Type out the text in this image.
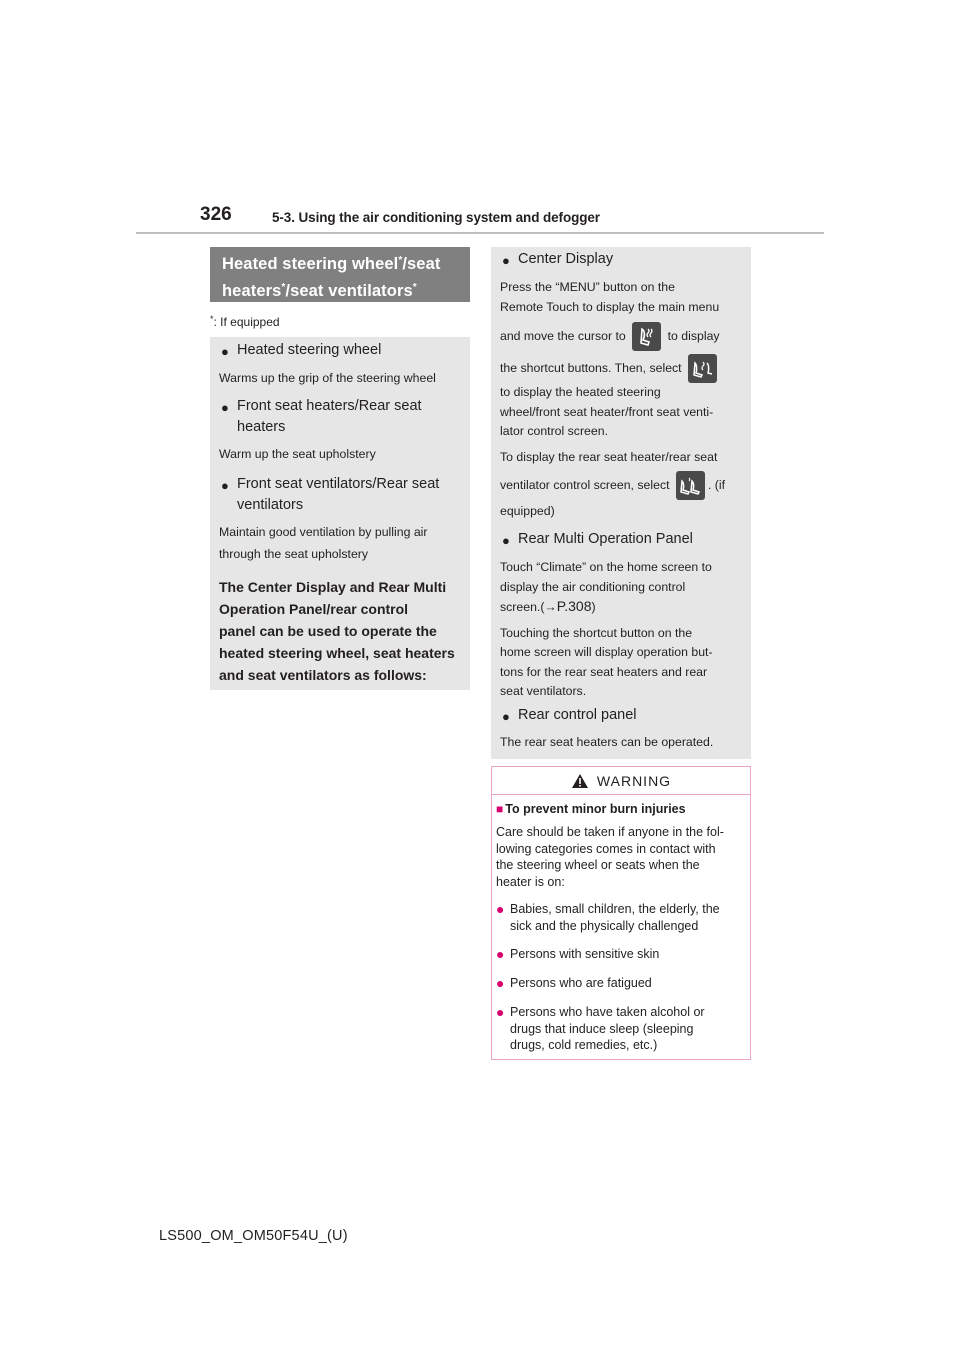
326	5-3. Using the air conditioning system and defogger
Heated steering wheel*/seat
heaters*/seat ventilators*
*: If equipped
● Heated steering wheel
Warms up the grip of the steering wheel
● Front seat heaters/Rear seat
heaters
Warm up the seat upholstery
● Front seat ventilators/Rear seat
ventilators
Maintain good ventilation by pulling air
through the seat upholstery
The Center Display and Rear Multi
Operation Panel/rear control
panel can be used to operate the
heated steering wheel, seat heaters
and seat ventilators as follows:
● Center Display
Press the “MENU” button on the
Remote Touch to display the main menu
and move the cursor to	to display
the shortcut buttons. Then, select
to display the heated steering
wheel/front seat heater/front seat venti-
lator control screen.
To display the rear seat heater/rear seat
ventilator control screen, select	. (if
equipped)
● Rear Multi Operation Panel
Touch “Climate” on the home screen to
display the air conditioning control
screen.(→P.308)
Touching the shortcut button on the
home screen will display operation but-
tons for the rear seat heaters and rear
seat ventilators.
● Rear control panel
The rear seat heaters can be operated.
WARNING
■ To prevent minor burn injuries
Care should be taken if anyone in the fol-
lowing categories comes in contact with
the steering wheel or seats when the
heater is on:
● Babies, small children, the elderly, the
sick and the physically challenged
● Persons with sensitive skin
● Persons who are fatigued
● Persons who have taken alcohol or
drugs that induce sleep (sleeping
drugs, cold remedies, etc.)
LS500_OM_OM50F54U_(U)
